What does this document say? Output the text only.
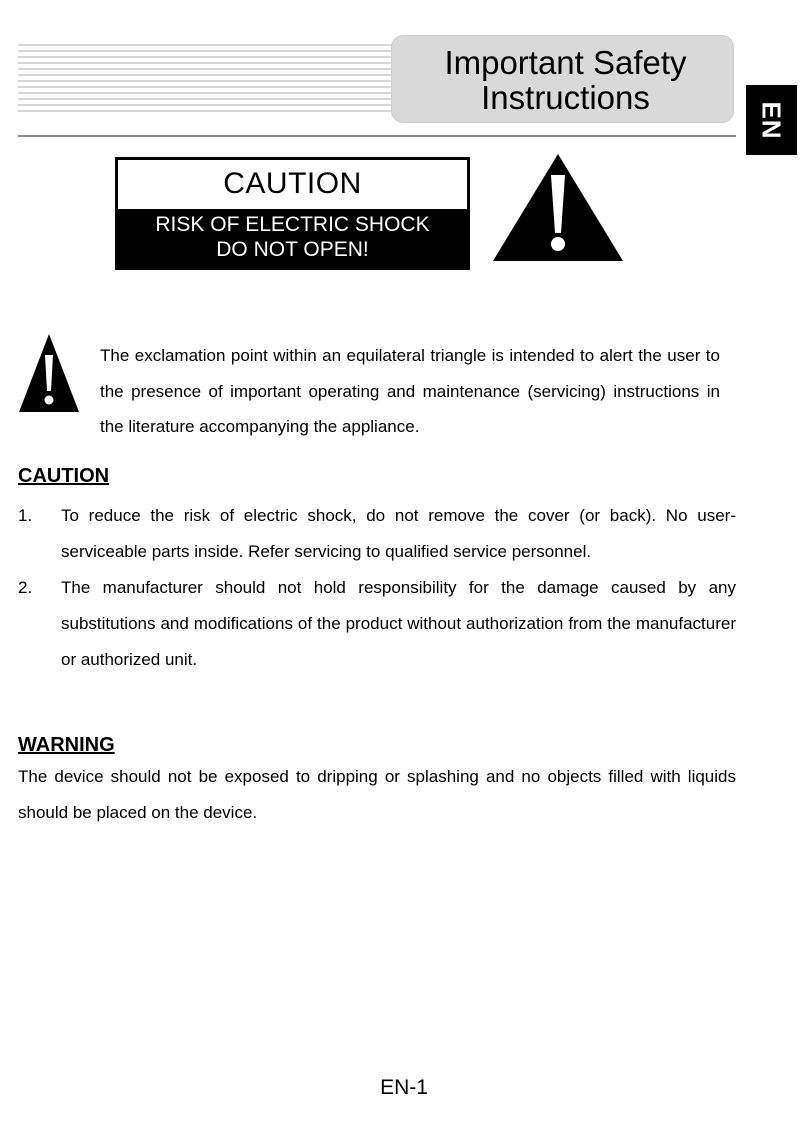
Important Safety
Instructions
EN
CAUTION
RISK OF ELECTRIC SHOCK
DO NOT OPEN!
The exclamation point within an equilateral triangle is intended to alert the user to the presence of important operating and maintenance (servicing) instructions in the literature accompanying the appliance.
CAUTION
1. To reduce the risk of electric shock, do not remove the cover (or back). No user-serviceable parts inside. Refer servicing to qualified service personnel.
2. The manufacturer should not hold responsibility for the damage caused by any substitutions and modifications of the product without authorization from the manufacturer or authorized unit.
WARNING
The device should not be exposed to dripping or splashing and no objects filled with liquids should be placed on the device.
EN-1
